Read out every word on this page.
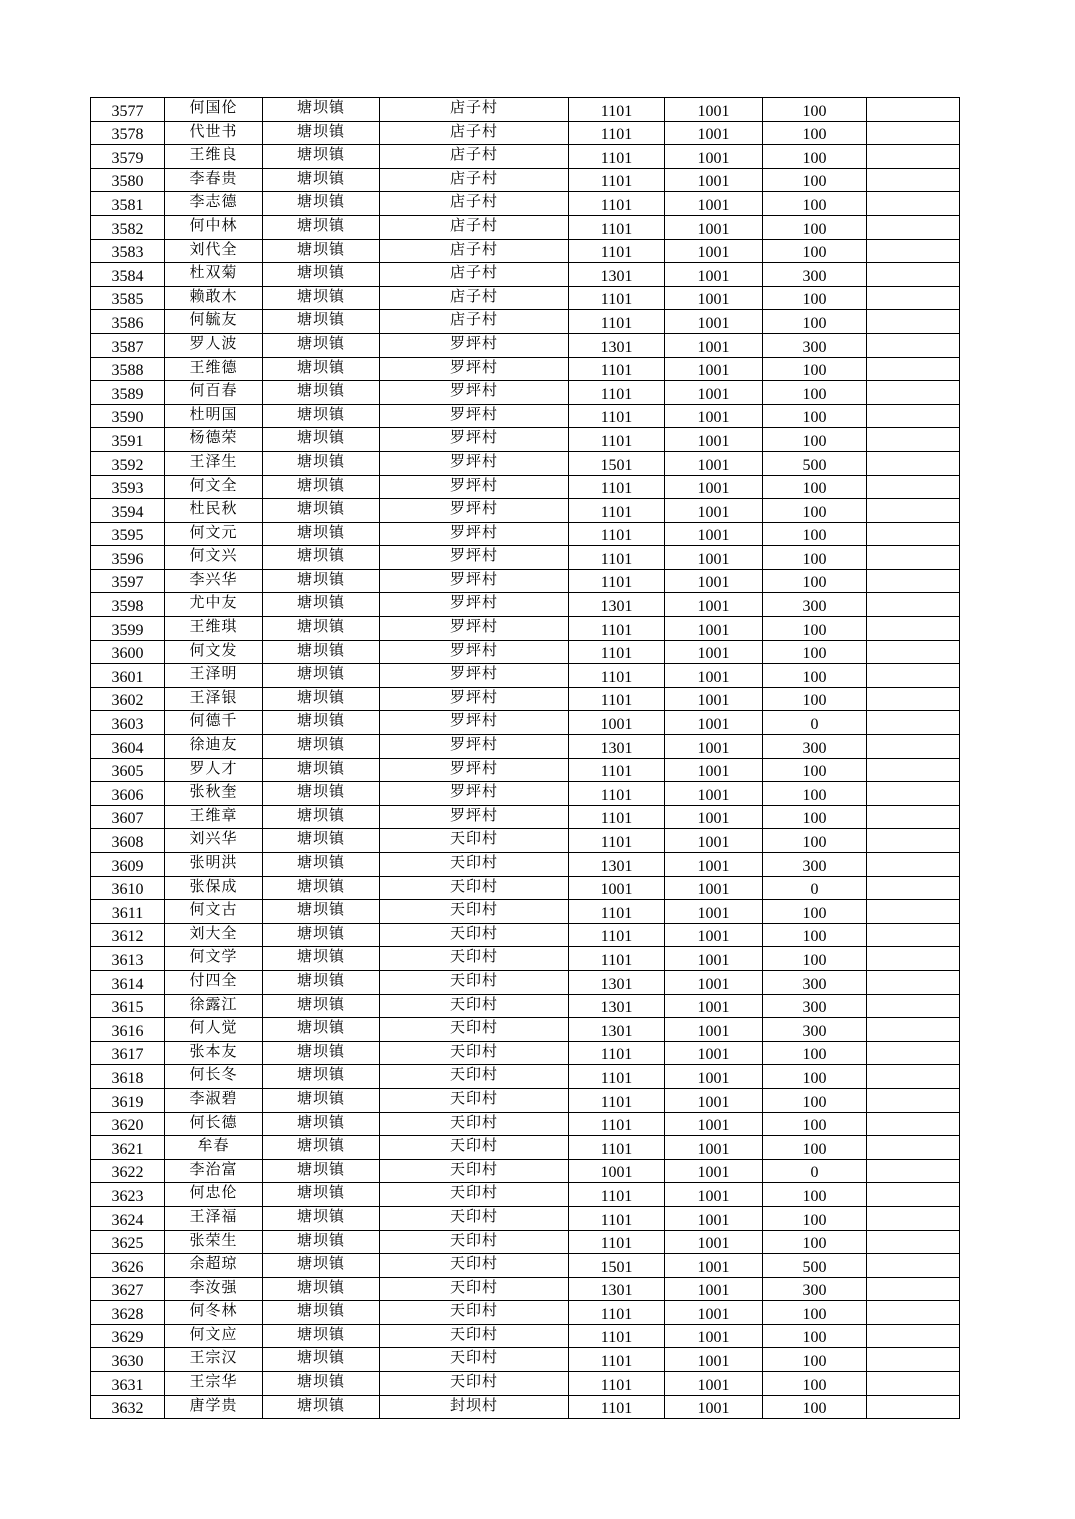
3577	何国伦	塘坝镇	店子村	1101	1001	100	
3578	代世书	塘坝镇	店子村	1101	1001	100	
3579	王维良	塘坝镇	店子村	1101	1001	100	
3580	李春贵	塘坝镇	店子村	1101	1001	100	
3581	李志德	塘坝镇	店子村	1101	1001	100	
3582	何中林	塘坝镇	店子村	1101	1001	100	
3583	刘代全	塘坝镇	店子村	1101	1001	100	
3584	杜双菊	塘坝镇	店子村	1301	1001	300	
3585	赖敢木	塘坝镇	店子村	1101	1001	100	
3586	何毓友	塘坝镇	店子村	1101	1001	100	
3587	罗人波	塘坝镇	罗坪村	1301	1001	300	
3588	王维德	塘坝镇	罗坪村	1101	1001	100	
3589	何百春	塘坝镇	罗坪村	1101	1001	100	
3590	杜明国	塘坝镇	罗坪村	1101	1001	100	
3591	杨德荣	塘坝镇	罗坪村	1101	1001	100	
3592	王泽生	塘坝镇	罗坪村	1501	1001	500	
3593	何文全	塘坝镇	罗坪村	1101	1001	100	
3594	杜民秋	塘坝镇	罗坪村	1101	1001	100	
3595	何文元	塘坝镇	罗坪村	1101	1001	100	
3596	何文兴	塘坝镇	罗坪村	1101	1001	100	
3597	李兴华	塘坝镇	罗坪村	1101	1001	100	
3598	尤中友	塘坝镇	罗坪村	1301	1001	300	
3599	王维琪	塘坝镇	罗坪村	1101	1001	100	
3600	何文发	塘坝镇	罗坪村	1101	1001	100	
3601	王泽明	塘坝镇	罗坪村	1101	1001	100	
3602	王泽银	塘坝镇	罗坪村	1101	1001	100	
3603	何德千	塘坝镇	罗坪村	1001	1001	0	
3604	徐迪友	塘坝镇	罗坪村	1301	1001	300	
3605	罗人才	塘坝镇	罗坪村	1101	1001	100	
3606	张秋奎	塘坝镇	罗坪村	1101	1001	100	
3607	王维章	塘坝镇	罗坪村	1101	1001	100	
3608	刘兴华	塘坝镇	天印村	1101	1001	100	
3609	张明洪	塘坝镇	天印村	1301	1001	300	
3610	张保成	塘坝镇	天印村	1001	1001	0	
3611	何文古	塘坝镇	天印村	1101	1001	100	
3612	刘大全	塘坝镇	天印村	1101	1001	100	
3613	何文学	塘坝镇	天印村	1101	1001	100	
3614	付四全	塘坝镇	天印村	1301	1001	300	
3615	徐露江	塘坝镇	天印村	1301	1001	300	
3616	何人觉	塘坝镇	天印村	1301	1001	300	
3617	张本友	塘坝镇	天印村	1101	1001	100	
3618	何长冬	塘坝镇	天印村	1101	1001	100	
3619	李淑碧	塘坝镇	天印村	1101	1001	100	
3620	何长德	塘坝镇	天印村	1101	1001	100	
3621	牟春	塘坝镇	天印村	1101	1001	100	
3622	李治富	塘坝镇	天印村	1001	1001	0	
3623	何忠伦	塘坝镇	天印村	1101	1001	100	
3624	王泽福	塘坝镇	天印村	1101	1001	100	
3625	张荣生	塘坝镇	天印村	1101	1001	100	
3626	余超琼	塘坝镇	天印村	1501	1001	500	
3627	李汝强	塘坝镇	天印村	1301	1001	300	
3628	何冬林	塘坝镇	天印村	1101	1001	100	
3629	何文应	塘坝镇	天印村	1101	1001	100	
3630	王宗汉	塘坝镇	天印村	1101	1001	100	
3631	王宗华	塘坝镇	天印村	1101	1001	100	
3632	唐学贵	塘坝镇	封坝村	1101	1001	100	
